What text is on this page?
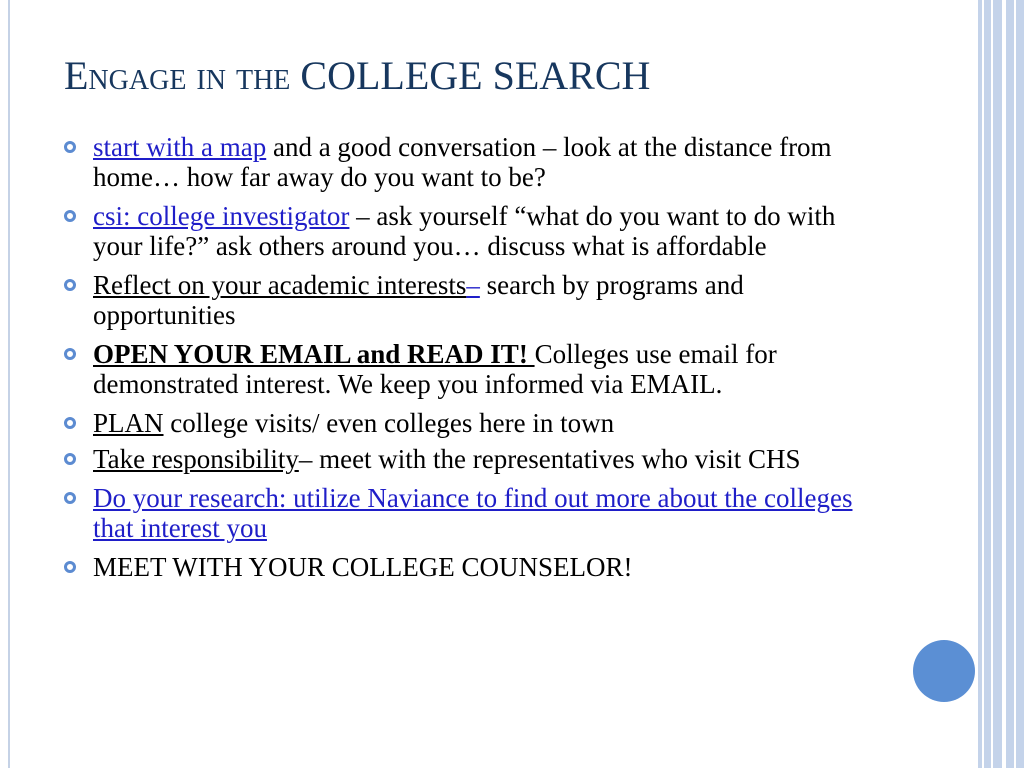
Engage in the COLLEGE SEARCH
start with a map and a good conversation – look at the distance from home… how far away do you want to be?
csi: college investigator – ask yourself “what do you want to do with your life?” ask others around you… discuss what is affordable
Reflect on your academic interests– search by programs and opportunities
OPEN YOUR EMAIL and READ IT! Colleges use email for demonstrated interest. We keep you informed via EMAIL.
PLAN college visits/ even colleges here in town
Take responsibility– meet with the representatives who visit CHS
Do your research: utilize Naviance to find out more about the colleges that interest you
MEET WITH YOUR COLLEGE COUNSELOR!
